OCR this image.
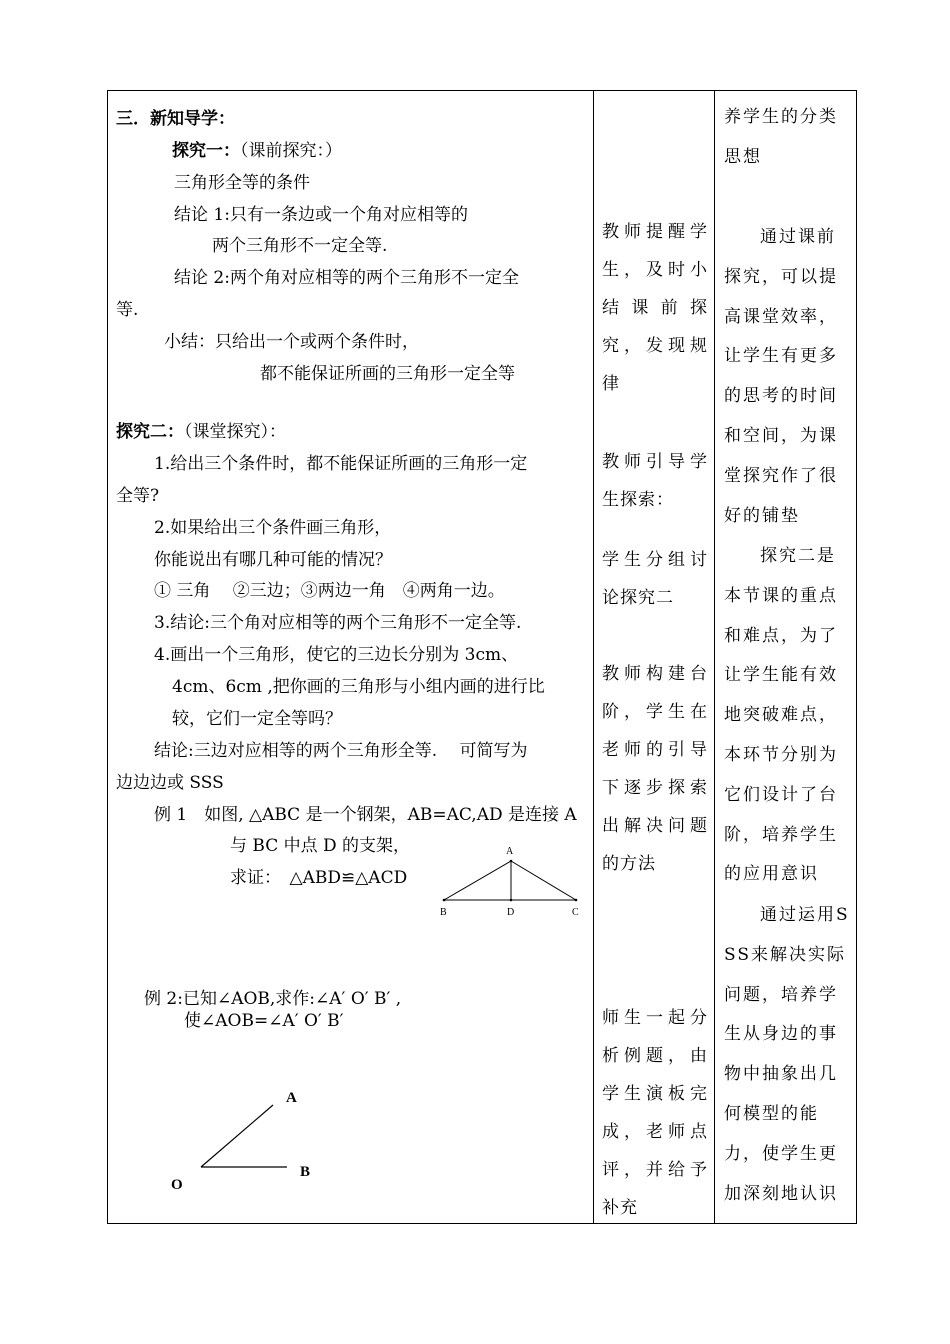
三．新知导学：
探究一：（课前探究：）
三角形全等的条件
结论 1:只有一条边或一个角对应相等的
两个三角形不一定全等.
结论 2:两个角对应相等的两个三角形不一定全
等.
小结：只给出一个或两个条件时，
都不能保证所画的三角形一定全等
探究二：（课堂探究）：
1.给出三个条件时，都不能保证所画的三角形一定
全等?
2.如果给出三个条件画三角形，
你能说出有哪几种可能的情况？
① 三角　 ②三边；③两边一角　④两角一边。
3.结论:三个角对应相等的两个三角形不一定全等.
4.画出一个三角形，使它的三边长分别为 3cm、
4cm、6cm ,把你画的三角形与小组内画的进行比
较，它们一定全等吗？
结论:三边对应相等的两个三角形全等.　 可简写为
边边边或 SSS
例 1　如图, △ABC 是一个钢架，AB=AC,AD 是连接 A
与 BC 中点 D 的支架，
求证：　△ABD≌△ACD
A
B	D	C
例 2:已知∠AOB,求作:∠A′ O′ B′ ,
使∠AOB=∠A′ O′ B′
A
O
B
教师提醒学生，及时小结课前探究，发现规律
教师引导学生探索：
学生分组讨论探究二
教师构建台阶，学生在老师的引导下逐步探索出解决问题的方法
师生一起分析例题，由学生演板完成，老师点评，并给予补充
养学生的分类思想
通过课前探究，可以提高课堂效率，让学生有更多的思考的时间和空间，为课堂探究作了很好的铺垫
探究二是本节课的重点和难点，为了让学生能有效地突破难点，本环节分别为它们设计了台阶，培养学生的应用意识
通过运用SSS来解决实际问题，培养学生从身边的事物中抽象出几何模型的能力，使学生更加深刻地认识
